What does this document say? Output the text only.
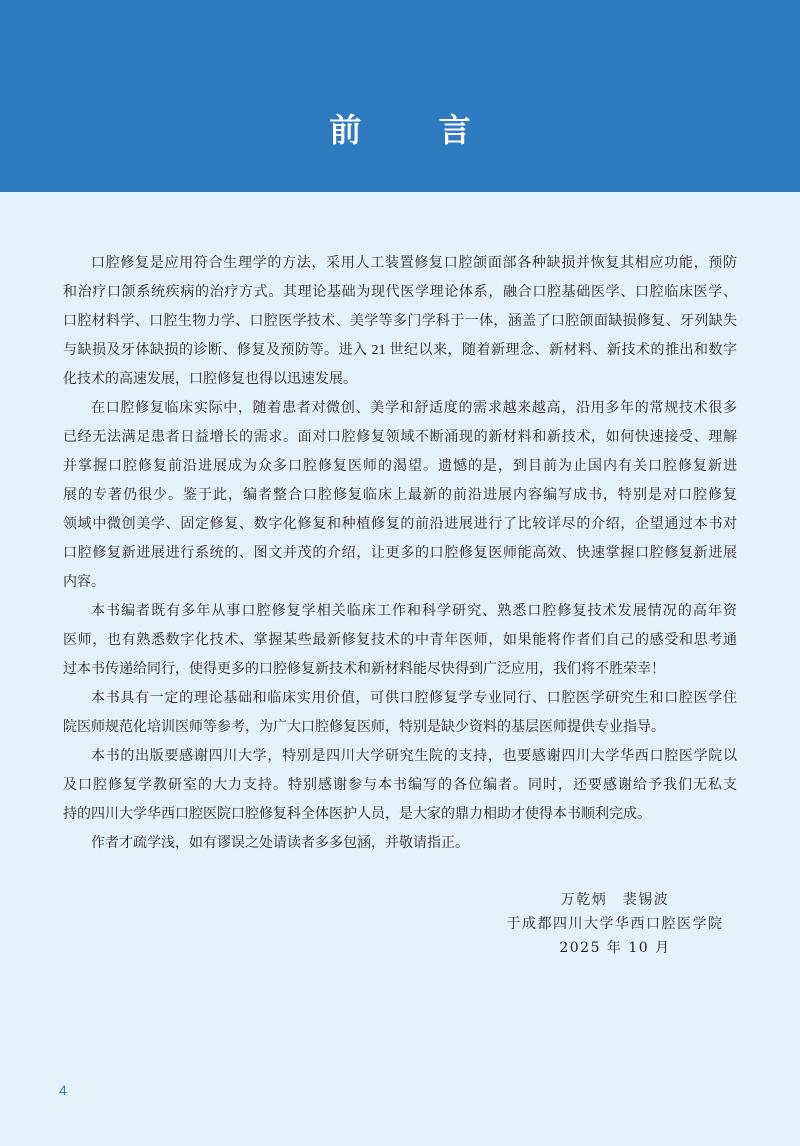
前 言
口腔修复是应用符合生理学的方法，采用人工装置修复口腔颌面部各种缺损并恢复其相应功能，预防
和治疗口颌系统疾病的治疗方式。其理论基础为现代医学理论体系，融合口腔基础医学、口腔临床医学、
口腔材料学、口腔生物力学、口腔医学技术、美学等多门学科于一体，涵盖了口腔颌面缺损修复、牙列缺失
与缺损及牙体缺损的诊断、修复及预防等。进入 21 世纪以来，随着新理念、新材料、新技术的推出和数字
化技术的高速发展，口腔修复也得以迅速发展。
在口腔修复临床实际中，随着患者对微创、美学和舒适度的需求越来越高，沿用多年的常规技术很多
已经无法满足患者日益增长的需求。面对口腔修复领域不断涌现的新材料和新技术，如何快速接受、理解
并掌握口腔修复前沿进展成为众多口腔修复医师的渴望。遗憾的是，到目前为止国内有关口腔修复新进
展的专著仍很少。鉴于此，编者整合口腔修复临床上最新的前沿进展内容编写成书，特别是对口腔修复
领域中微创美学、固定修复、数字化修复和种植修复的前沿进展进行了比较详尽的介绍，企望通过本书对
口腔修复新进展进行系统的、图文并茂的介绍，让更多的口腔修复医师能高效、快速掌握口腔修复新进展
内容。
本书编者既有多年从事口腔修复学相关临床工作和科学研究、熟悉口腔修复技术发展情况的高年资
医师，也有熟悉数字化技术、掌握某些最新修复技术的中青年医师，如果能将作者们自己的感受和思考通
过本书传递给同行，使得更多的口腔修复新技术和新材料能尽快得到广泛应用，我们将不胜荣幸！
本书具有一定的理论基础和临床实用价值，可供口腔修复学专业同行、口腔医学研究生和口腔医学住
院医师规范化培训医师等参考，为广大口腔修复医师，特别是缺少资料的基层医师提供专业指导。
本书的出版要感谢四川大学，特别是四川大学研究生院的支持，也要感谢四川大学华西口腔医学院以
及口腔修复学教研室的大力支持。特别感谢参与本书编写的各位编者。同时，还要感谢给予我们无私支
持的四川大学华西口腔医院口腔修复科全体医护人员，是大家的鼎力相助才使得本书顺利完成。
作者才疏学浅，如有谬误之处请读者多多包涵，并敬请指正。
万乾炳　裴锡波
于成都四川大学华西口腔医学院
2025 年 10 月
4
